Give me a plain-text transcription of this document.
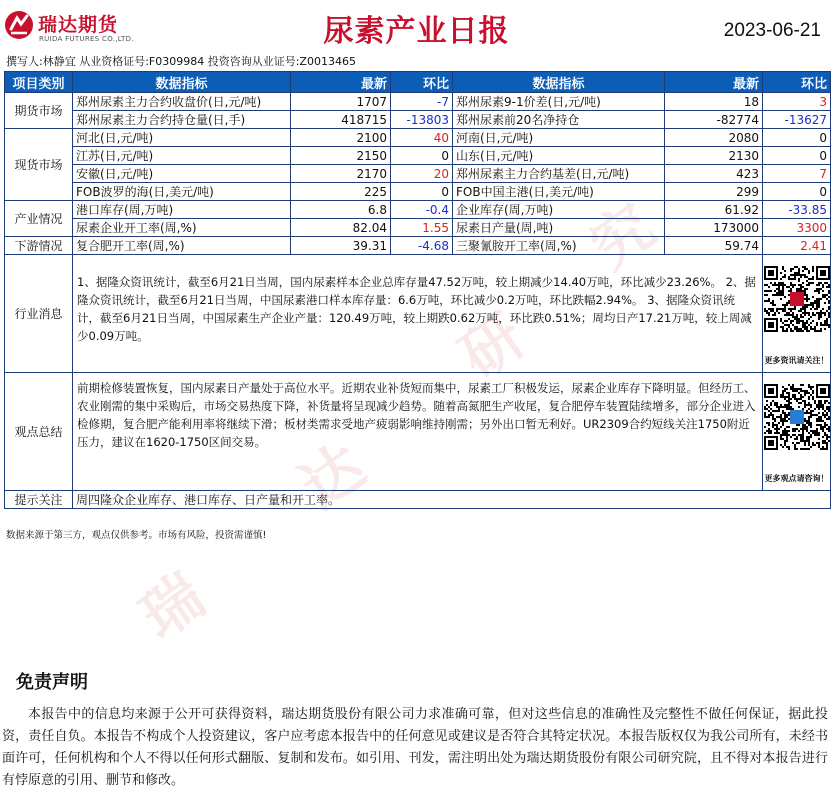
瑞
达
研
究
瑞达期货
RUIDA FUTURES CO.,LTD.	尿素产业日报	2023-06-21
撰写人:林静宜 从业资格证号:F0309984 投资咨询从业证号:Z0013465
项目类别	数据指标	最新	环比	数据指标	最新	环比
期货市场	郑州尿素主力合约收盘价(日,元/吨)	1707	-7	郑州尿素9-1价差(日,元/吨)	18	3
	郑州尿素主力合约持仓量(日,手)	418715	-13803	郑州尿素前20名净持仓	-82774	-13627
现货市场	河北(日,元/吨)	2100	40	河南(日,元/吨)	2080	0
	江苏(日,元/吨)	2150	0	山东(日,元/吨)	2130	0
	安徽(日,元/吨)	2170	20	郑州尿素主力合约基差(日,元/吨)	423	7
	FOB波罗的海(日,美元/吨)	225	0	FOB中国主港(日,美元/吨)	299	0
产业情况	港口库存(周,万吨)	6.8	-0.4	企业库存(周,万吨)	61.92	-33.85
	尿素企业开工率(周,%)	82.04	1.55	尿素日产量(周,吨)	173000	3300
下游情况	复合肥开工率(周,%)	39.31	-4.68	三聚氰胺开工率(周,%)	59.74	2.41
行业消息	1、据隆众资讯统计，截至6月21日当周，国内尿素样本企业总库存量47.52万吨，较上期减少14.40万吨，环比减少23.26%。 2、据隆众资讯统计，截至6月21日当周，中国尿素港口样本库存量：6.6万吨，环比减少0.2万吨，环比跌幅2.94%。 3、据隆众资讯统计，截至6月21日当周，中国尿素生产企业产量：120.49万吨，较上期跌0.62万吨，环比跌0.51%；周均日产17.21万吨，较上周减少0.09万吨。					更多资讯请关注！

观点总结	前期检修装置恢复，国内尿素日产量处于高位水平。近期农业补货短而集中，尿素工厂积极发运，尿素企业库存下降明显。但经历工、农业刚需的集中采购后，市场交易热度下降，补货量将呈现减少趋势。随着高氮肥生产收尾，复合肥停车装置陆续增多，部分企业进入检修期，复合肥产能利用率将继续下滑；板材类需求受地产疲弱影响维持刚需；另外出口暂无利好。UR2309合约短线关注1750附近压力，建议在1620-1750区间交易。					更多观点请咨询！

提示关注	周四隆众企业库存、港口库存、日产量和开工率。					
数据来源于第三方，观点仅供参考。市场有风险，投资需谨慎!
免责声明
本报告中的信息均来源于公开可获得资料，瑞达期货股份有限公司力求准确可靠，但对这些信息的准确性及完整性不做任何保证，据此投资，责任自负。本报告不构成个人投资建议，客户应考虑本报告中的任何意见或建议是否符合其特定状况。本报告版权仅为我公司所有，未经书面许可，任何机构和个人不得以任何形式翻版、复制和发布。如引用、刊发，需注明出处为瑞达期货股份有限公司研究院，且不得对本报告进行有悖原意的引用、删节和修改。
